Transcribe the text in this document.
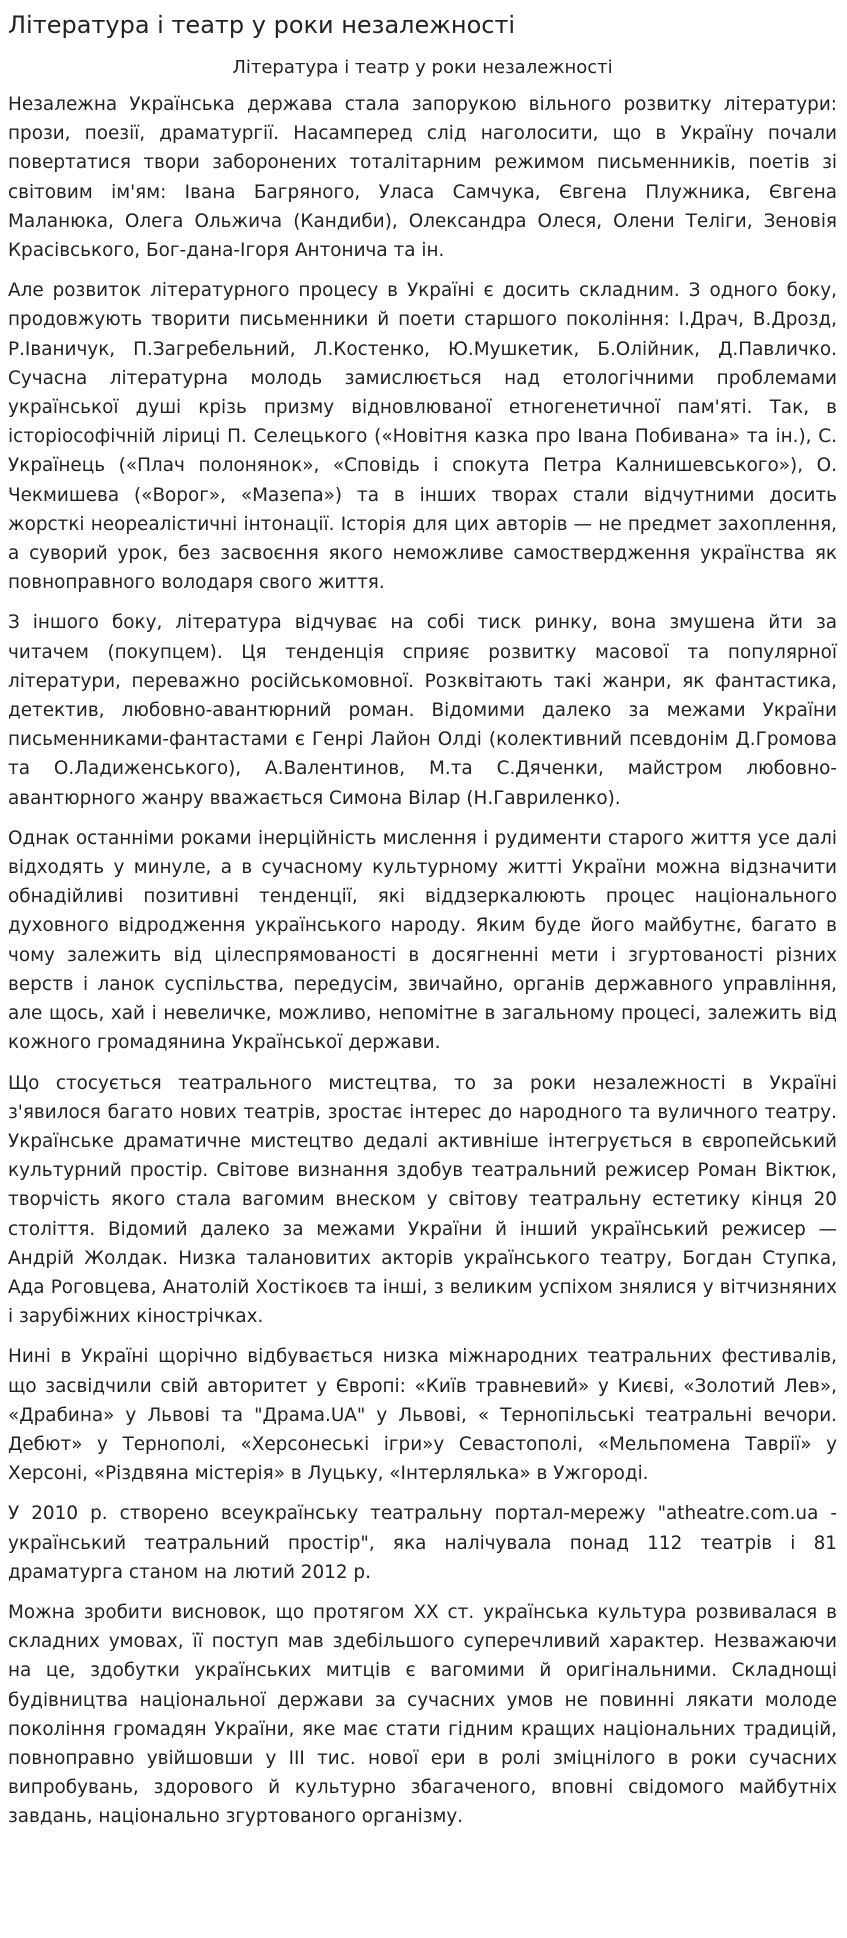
Література і театр у роки незалежності
Література і театр у роки незалежності

Незалежна Українська держава стала запорукою вільного розвитку літератури: прози, поезії, драматургії. Насамперед слід наголосити, що в Україну почали повертатися твори заборонених тоталітарним режимом письменників, поетів зі світовим ім'ям: Івана Багряного, Уласа Самчука, Євгена Плужника, Євгена Маланюка, Олега Ольжича (Кандиби), Олександра Олеся, Олени Теліги, Зеновія Красівського, Бог-дана-Ігоря Антонича та ін.

Але розвиток літературного процесу в Україні є досить складним. З одного боку, продовжують творити письменники й поети старшого покоління: І.Драч, В.Дрозд, Р.Іваничук, П.Загребельний, Л.Костенко, Ю.Мушкетик, Б.Олійник, Д.Павличко. Сучасна літературна молодь замислюється над етологічними проблемами української душі крізь призму відновлюваної етногенетичної пам'яті. Так, в історіософічній ліриці П. Селецького («Новітня казка про Івана Побивана» та ін.), С. Українець («Плач полонянок», «Сповідь і спокута Петра Калнишевського»), О. Чекмишева («Ворог», «Мазепа») та в інших творах стали відчутними досить жорсткі неореалістичні інтонації. Історія для цих авторів — не предмет захоплення, а суворий урок, без засвоєння якого неможливе самоствердження українства як повноправного володаря свого життя.

З іншого боку, література відчуває на собі тиск ринку, вона змушена йти за читачем (покупцем). Ця тенденція сприяє розвитку масової та популярної літератури, переважно російськомовної. Розквітають такі жанри, як фантастика, детектив, любовно-авантюрний роман. Відомими далеко за межами України письменниками-фантастами є Генрі Лайон Олді (колективний псевдонім Д.Громова та О.Ладиженського), А.Валентинов, М.та С.Дяченки, майстром любовно-авантюрного жанру вважається Симона Вілар (Н.Гавриленко).

Однак останніми роками інерційність мислення і рудименти старого життя усе далі відходять у минуле, а в сучасному культурному житті України можна відзначити обнадійливі позитивні тенденції, які віддзеркалюють процес національного духовного відродження українського народу. Яким буде його майбутнє, багато в чому залежить від цілеспрямованості в досягненні мети і згуртованості різних верств і ланок суспільства, передусім, звичайно, органів державного управління, але щось, хай і невеличке, можливо, непомітне в загальному процесі, залежить від кожного громадянина Української держави.

Що стосується театрального мистецтва, то за роки незалежності в Україні з'явилося багато нових театрів, зростає інтерес до народного та вуличного театру. Українське драматичне мистецтво дедалі активніше інтегрується в європейський культурний простір. Світове визнання здобув театральний режисер Роман Віктюк, творчість якого стала вагомим внеском у світову театральну естетику кінця 20 століття. Відомий далеко за межами України й інший український режисер — Андрій Жолдак. Низка талановитих акторів українського театру, Богдан Ступка, Ада Роговцева, Анатолій Хостікоєв та інші, з великим успіхом знялися у вітчизняних і зарубіжних кінострічках.

Нині в Україні щорічно відбувається низка міжнародних театральних фестивалів, що засвідчили свій авторитет у Європі: «Київ травневий» у Києві, «Золотий Лев», «Драбина» у Львові та "Драма.UA" у Львові, « Тернопільські театральні вечори. Дебют» у Тернополі, «Херсонеські ігри»у Севастополі, «Мельпомена Таврії» у Херсоні, «Різдвяна містерія» в Луцьку, «Інтерлялька» в Ужгороді.

У 2010 р. створено всеукраїнську театральну портал-мережу "atheatre.com.ua - український театральний простір", яка налічувала понад 112 театрів і 81 драматурга станом на лютий 2012 р.

Можна зробити висновок, що протягом XX ст. українська культура розвивалася в складних умовах, її поступ мав здебільшого суперечливий характер. Незважаючи на це, здобутки українських митців є вагомими й оригінальними. Складнощі будівництва національної держави за сучасних умов не повинні лякати молоде покоління громадян України, яке має стати гідним кращих національних традицій, повноправно увійшовши у III тис. нової ери в ролі зміцнілого в роки сучасних випробувань, здорового й культурно збагаченого, вповні свідомого майбутніх завдань, національно згуртованого організму.
